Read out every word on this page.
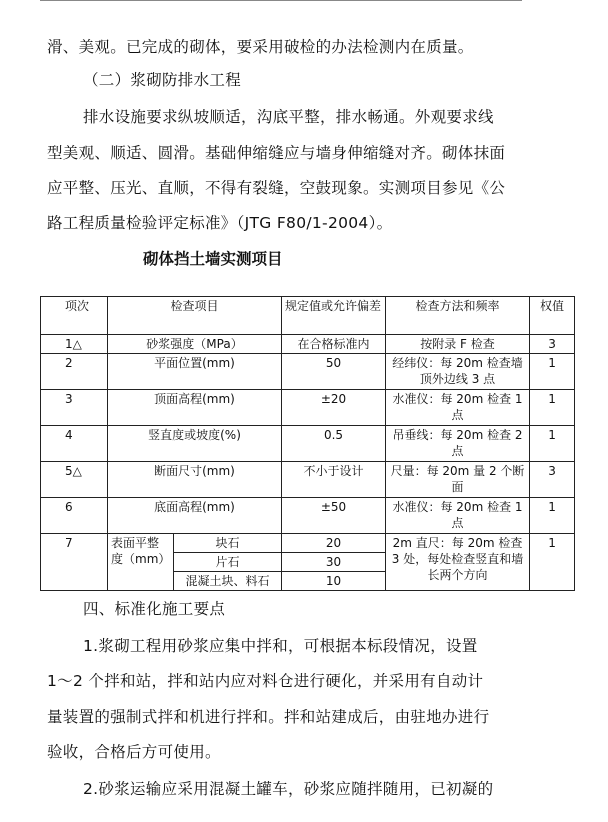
滑、美观。已完成的砌体，要采用破检的办法检测内在质量。
（二）浆砌防排水工程
排水设施要求纵坡顺适，沟底平整，排水畅通。外观要求线
型美观、顺适、圆滑。基础伸缩缝应与墙身伸缩缝对齐。砌体抹面
应平整、压光、直顺，不得有裂缝，空鼓现象。实测项目参见《公
路工程质量检验评定标准》（JTG F80/1-2004）。
砌体挡土墙实测项目
项次	检查项目		规定值或允许偏差	检查方法和频率	权值
1△	砂浆强度（MPa）		在合格标准内	按附录 F 检查	3
2	平面位置(mm)		50	经纬仪：每 20m 检查墙顶外边线 3 点	1
3	顶面高程(mm)		±20	水准仪：每 20m 检查 1 点	1
4	竖直度或坡度(%)		0.5	吊垂线：每 20m 检查 2 点	1
5△	断面尺寸(mm)		不小于设计	尺量：每 20m 量 2 个断面	3
6	底面高程(mm)		±50	水准仪：每 20m 检查 1 点	1
7	表面平整度（mm）	块石	20	2m 直尺：每 20m 检查 3 处，每处检查竖直和墙长两个方向	1
		片石	30		
		混凝土块、料石	10		
四、标准化施工要点
1.浆砌工程用砂浆应集中拌和，可根据本标段情况，设置
1～2 个拌和站，拌和站内应对料仓进行硬化，并采用有自动计
量装置的强制式拌和机进行拌和。拌和站建成后，由驻地办进行
验收，合格后方可使用。
2.砂浆运输应采用混凝土罐车，砂浆应随拌随用，已初凝的
